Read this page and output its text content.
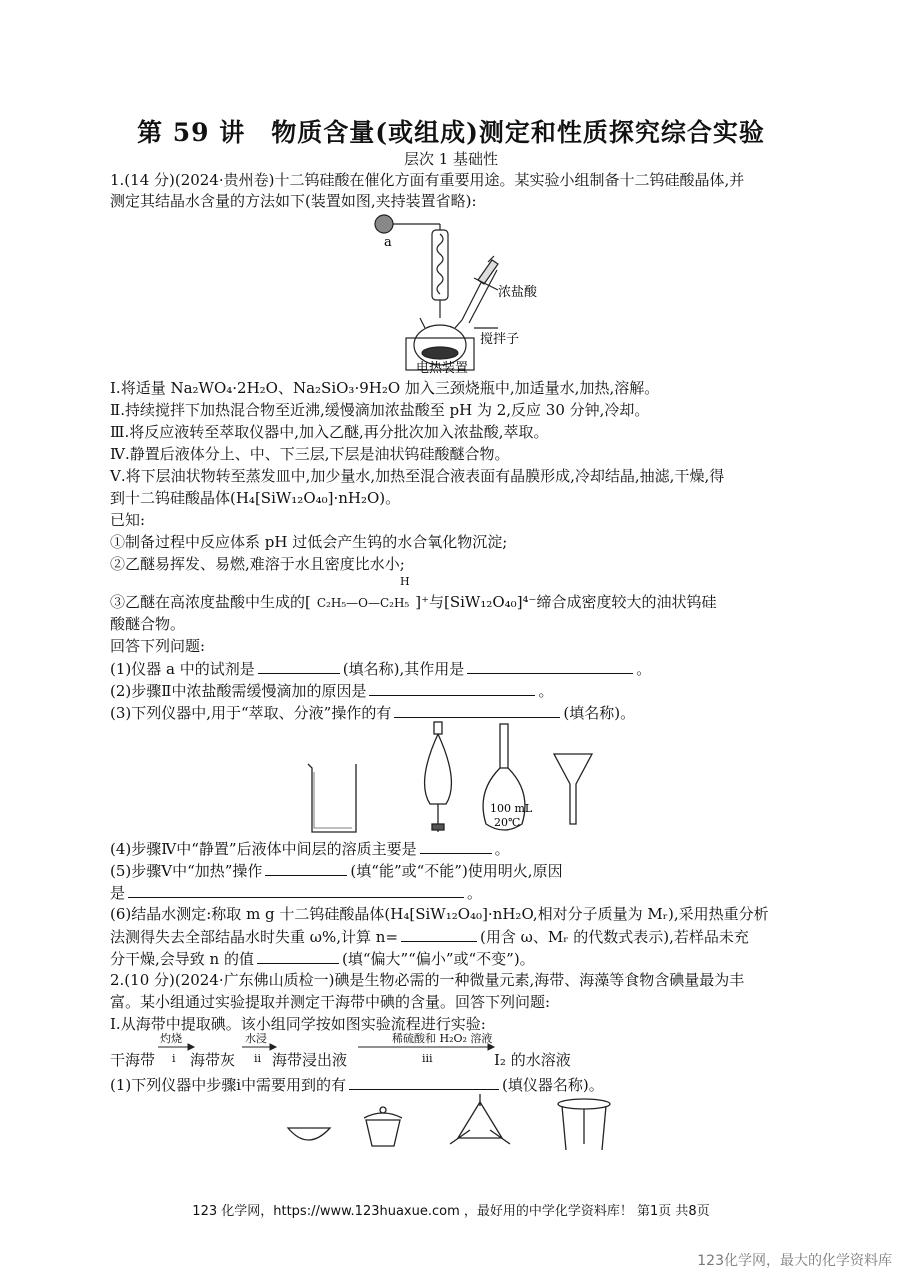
第 59 讲　物质含量(或组成)测定和性质探究综合实验
层次 1 基础性
1.(14 分)(2024·贵州卷)十二钨硅酸在催化方面有重要用途。某实验小组制备十二钨硅酸晶体,并
测定其结晶水含量的方法如下(装置如图,夹持装置省略):
a
浓盐酸
搅拌子
电热装置
Ⅰ.将适量 Na₂WO₄·2H₂O、Na₂SiO₃·9H₂O 加入三颈烧瓶中,加适量水,加热,溶解。
Ⅱ.持续搅拌下加热混合物至近沸,缓慢滴加浓盐酸至 pH 为 2,反应 30 分钟,冷却。
Ⅲ.将反应液转至萃取仪器中,加入乙醚,再分批次加入浓盐酸,萃取。
Ⅳ.静置后液体分上、中、下三层,下层是油状钨硅酸醚合物。
Ⅴ.将下层油状物转至蒸发皿中,加少量水,加热至混合液表面有晶膜形成,冷却结晶,抽滤,干燥,得
到十二钨硅酸晶体(H₄[SiW₁₂O₄₀]·nH₂O)。
已知:
①制备过程中反应体系 pH 过低会产生钨的水合氧化物沉淀;
②乙醚易挥发、易燃,难溶于水且密度比水小;
H
③乙醚在高浓度盐酸中生成的[ C₂H₅—O—C₂H₅ ]⁺与[SiW₁₂O₄₀]⁴⁻缔合成密度较大的油状钨硅
酸醚合物。
回答下列问题:
(1)仪器 a 中的试剂是	(填名称),其作用是	。
(2)步骤Ⅱ中浓盐酸需缓慢滴加的原因是	。
(3)下列仪器中,用于“萃取、分液”操作的有	(填名称)。
100 mL
20℃
(4)步骤Ⅳ中“静置”后液体中间层的溶质主要是	。
(5)步骤Ⅴ中“加热”操作	(填“能”或“不能”)使用明火,原因
是	。
(6)结晶水测定:称取 m g 十二钨硅酸晶体(H₄[SiW₁₂O₄₀]·nH₂O,相对分子质量为 Mᵣ),采用热重分析
法测得失去全部结晶水时失重 ω%,计算 n=	(用含 ω、Mᵣ 的代数式表示),若样品未充
分干燥,会导致 n 的值	(填“偏大”“偏小”或“不变”)。
2.(10 分)(2024·广东佛山质检一)碘是生物必需的一种微量元素,海带、海藻等食物含碘量最为丰
富。某小组通过实验提取并测定干海带中碘的含量。回答下列问题:
Ⅰ.从海带中提取碘。该小组同学按如图实验流程进行实验:
灼烧	水浸	稀硫酸和 H₂O₂ 溶液
干海带 海带灰 海带浸出液	I₂ 的水溶液
ⅰ	ⅱ	ⅲ
(1)下列仪器中步骤ⅰ中需要用到的有	(填仪器名称)。
123 化学网，https://www.123huaxue.com ，最好用的中学化学资料库！ 第1页 共8页
123化学网，最大的化学资料库
